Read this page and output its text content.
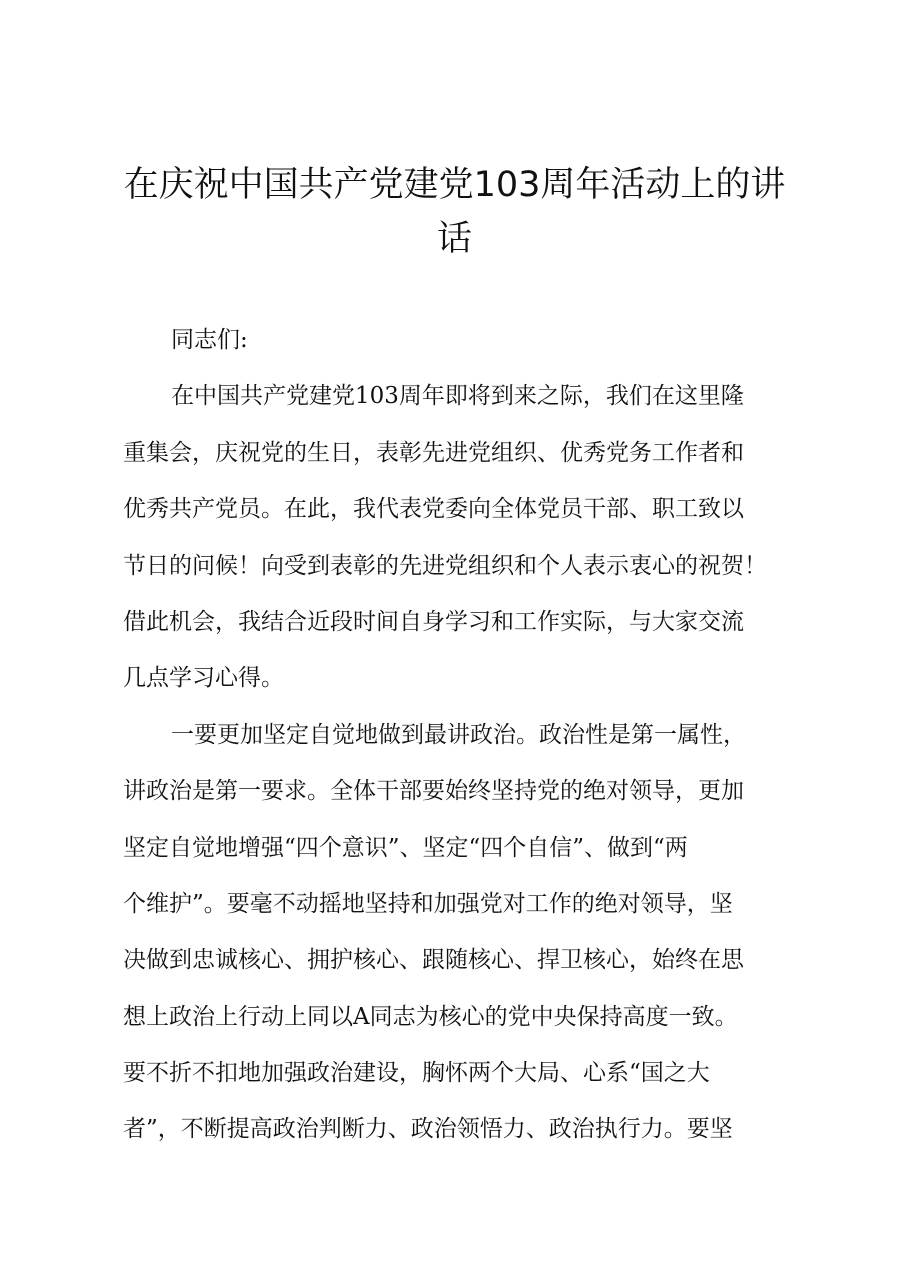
在庆祝中国共产党建党103周年活动上的讲
话
同志们:
在中国共产党建党103周年即将到来之际，我们在这里隆
重集会，庆祝党的生日，表彰先进党组织、优秀党务工作者和
优秀共产党员。在此，我代表党委向全体党员干部、职工致以
节日的问候！向受到表彰的先进党组织和个人表示衷心的祝贺！
借此机会，我结合近段时间自身学习和工作实际，与大家交流
几点学习心得。
一要更加坚定自觉地做到最讲政治。政治性是第一属性，
讲政治是第一要求。全体干部要始终坚持党的绝对领导，更加
坚定自觉地增强“四个意识”、坚定“四个自信”、做到“两
个维护”。要毫不动摇地坚持和加强党对工作的绝对领导，坚
决做到忠诚核心、拥护核心、跟随核心、捍卫核心，始终在思
想上政治上行动上同以A同志为核心的党中央保持高度一致。
要不折不扣地加强政治建设，胸怀两个大局、心系“国之大
者”，不断提高政治判断力、政治领悟力、政治执行力。要坚
